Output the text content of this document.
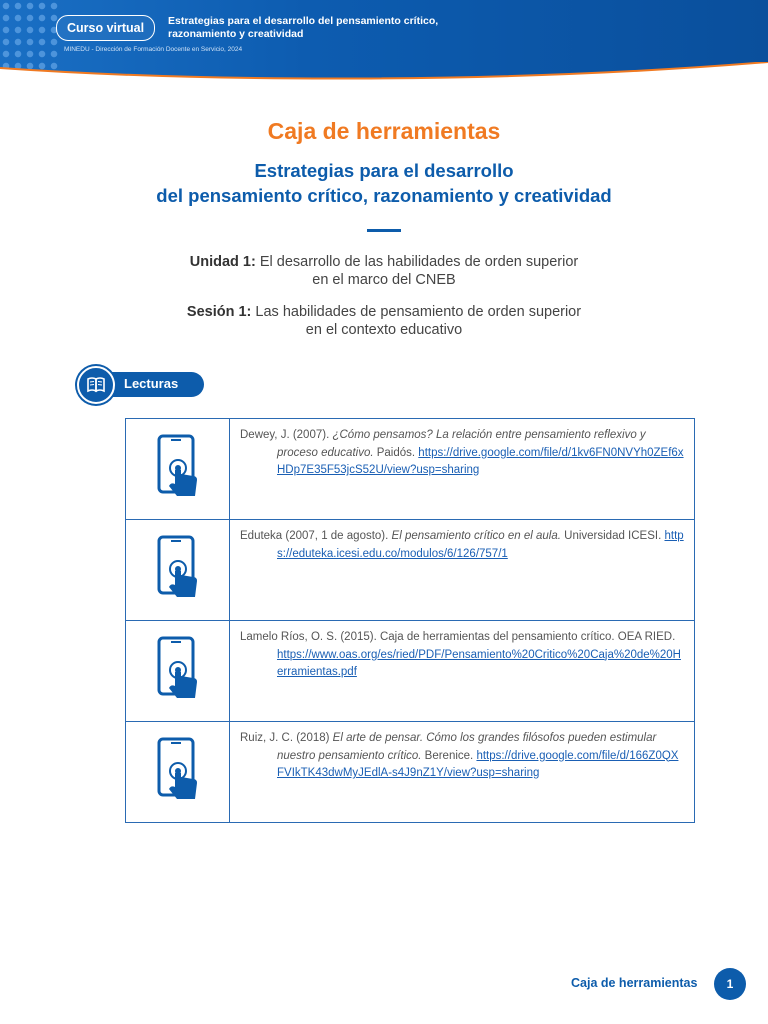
Curso virtual	Estrategias para el desarrollo del pensamiento crítico, razonamiento y creatividad
MINEDU - Dirección de Formación Docente en Servicio, 2024
Caja de herramientas
Estrategias para el desarrollo
del pensamiento crítico, razonamiento y creatividad
Unidad 1: El desarrollo de las habilidades de orden superior
en el marco del CNEB
Sesión 1: Las habilidades de pensamiento de orden superior
en el contexto educativo
Lecturas

Dewey, J. (2007). ¿Cómo pensamos? La relación entre pensamiento reflexivo y proceso educativo. Paidós. https://drive.google.com/file/d/1kv6FN0NVYh0ZEf6xHDp7E35F53jcS52U/view?usp=sharing

Eduteka (2007, 1 de agosto). El pensamiento crítico en el aula. Universidad ICESI. https://eduteka.icesi.edu.co/modulos/6/126/757/1

Lamelo Ríos, O. S. (2015). Caja de herramientas del pensamiento crítico. OEA RIED. https://www.oas.org/es/ried/PDF/Pensamiento%20Critico%20Caja%20de%20Herramientas.pdf

Ruiz, J. C. (2018) El arte de pensar. Cómo los grandes filósofos pueden estimular nuestro pensamiento crítico. Berenice. https://drive.google.com/file/d/166Z0QXFVIkTK43dwMyJEdlA-s4J9nZ1Y/view?usp=sharing
Caja de herramientas	1
